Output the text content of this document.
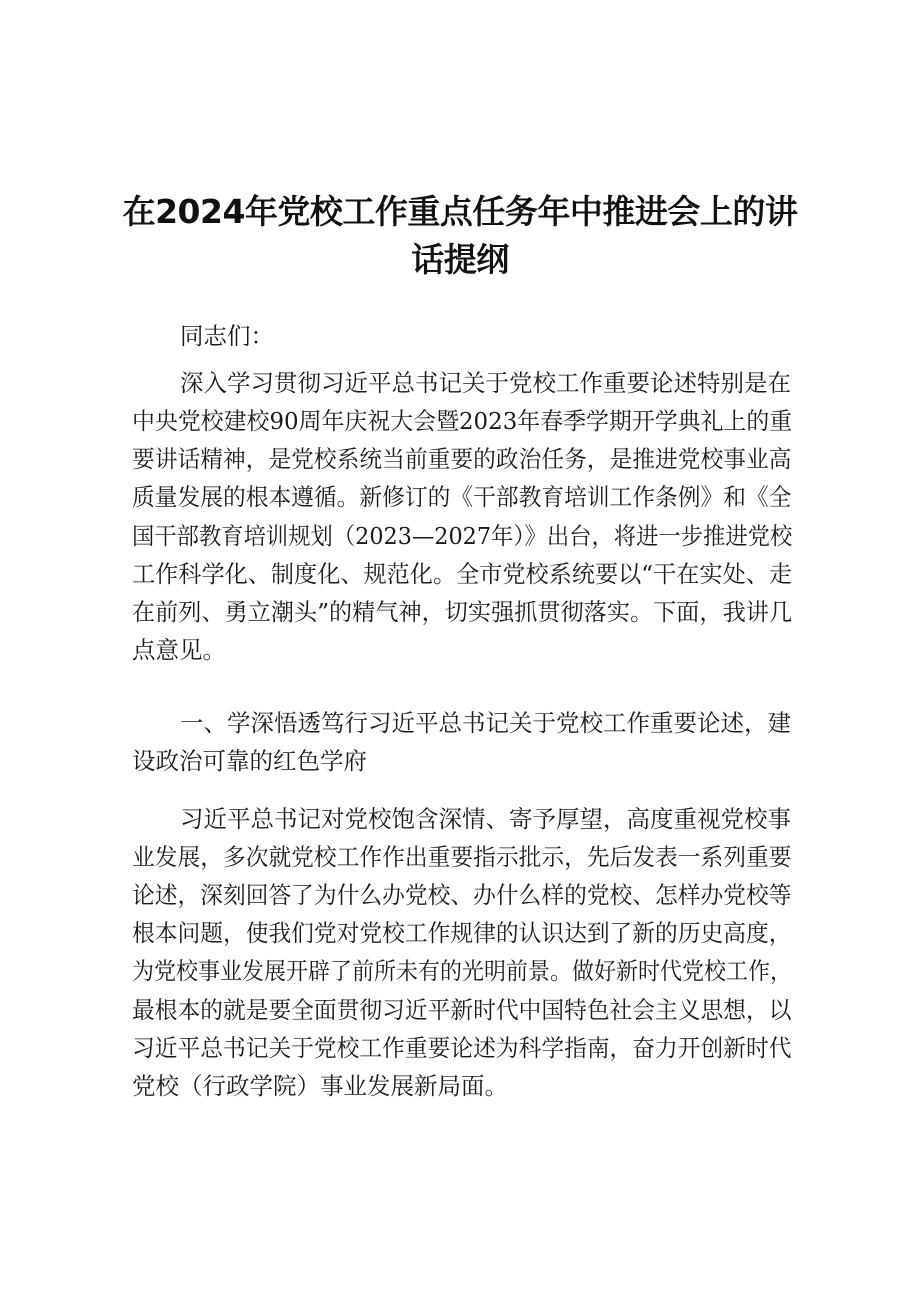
在2024年党校工作重点任务年中推进会上的讲
话提纲
同志们：
深入学习贯彻习近平总书记关于党校工作重要论述特别是在
中央党校建校90周年庆祝大会暨2023年春季学期开学典礼上的重
要讲话精神，是党校系统当前重要的政治任务，是推进党校事业高
质量发展的根本遵循。新修订的《干部教育培训工作条例》和《全
国干部教育培训规划（2023—2027年）》出台，将进一步推进党校
工作科学化、制度化、规范化。全市党校系统要以“干在实处、走
在前列、勇立潮头”的精气神，切实强抓贯彻落实。下面，我讲几
点意见。
一、学深悟透笃行习近平总书记关于党校工作重要论述，建
设政治可靠的红色学府
习近平总书记对党校饱含深情、寄予厚望，高度重视党校事
业发展，多次就党校工作作出重要指示批示，先后发表一系列重要
论述，深刻回答了为什么办党校、办什么样的党校、怎样办党校等
根本问题，使我们党对党校工作规律的认识达到了新的历史高度，
为党校事业发展开辟了前所未有的光明前景。做好新时代党校工作，
最根本的就是要全面贯彻习近平新时代中国特色社会主义思想，以
习近平总书记关于党校工作重要论述为科学指南，奋力开创新时代
党校（行政学院）事业发展新局面。
